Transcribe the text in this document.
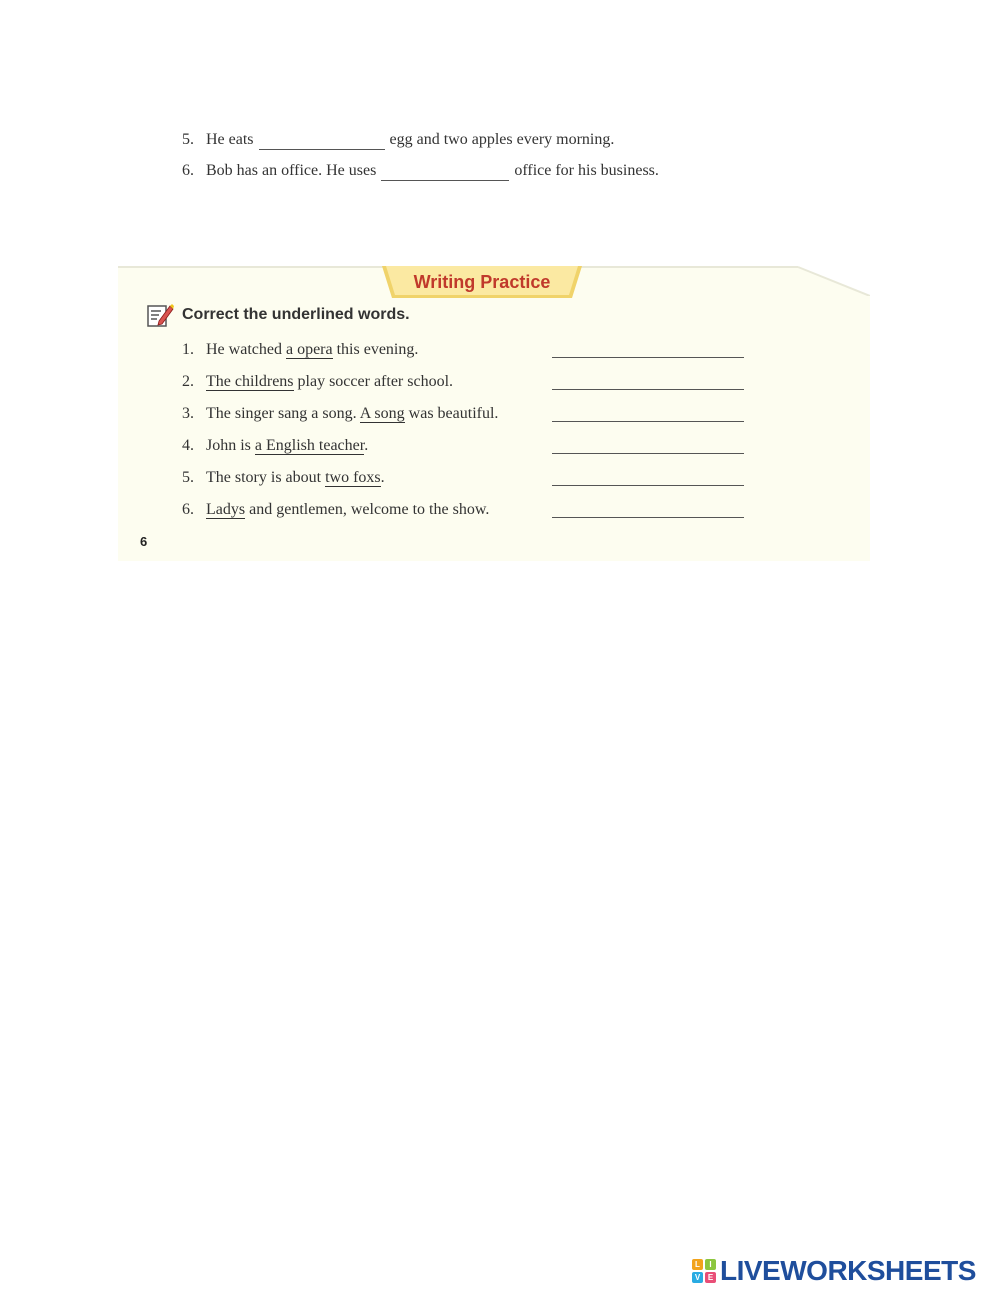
5. He eats	egg and two apples every morning.
6. Bob has an office. He uses	office for his business.
Writing Practice
Correct the underlined words.
1. He watched a opera this evening.
2. The childrens play soccer after school.
3. The singer sang a song. A song was beautiful.
4. John is a English teacher.
5. The story is about two foxs.
6. Ladys and gentlemen, welcome to the show.
6
L	I
V E LIVEWORKSHEETS
